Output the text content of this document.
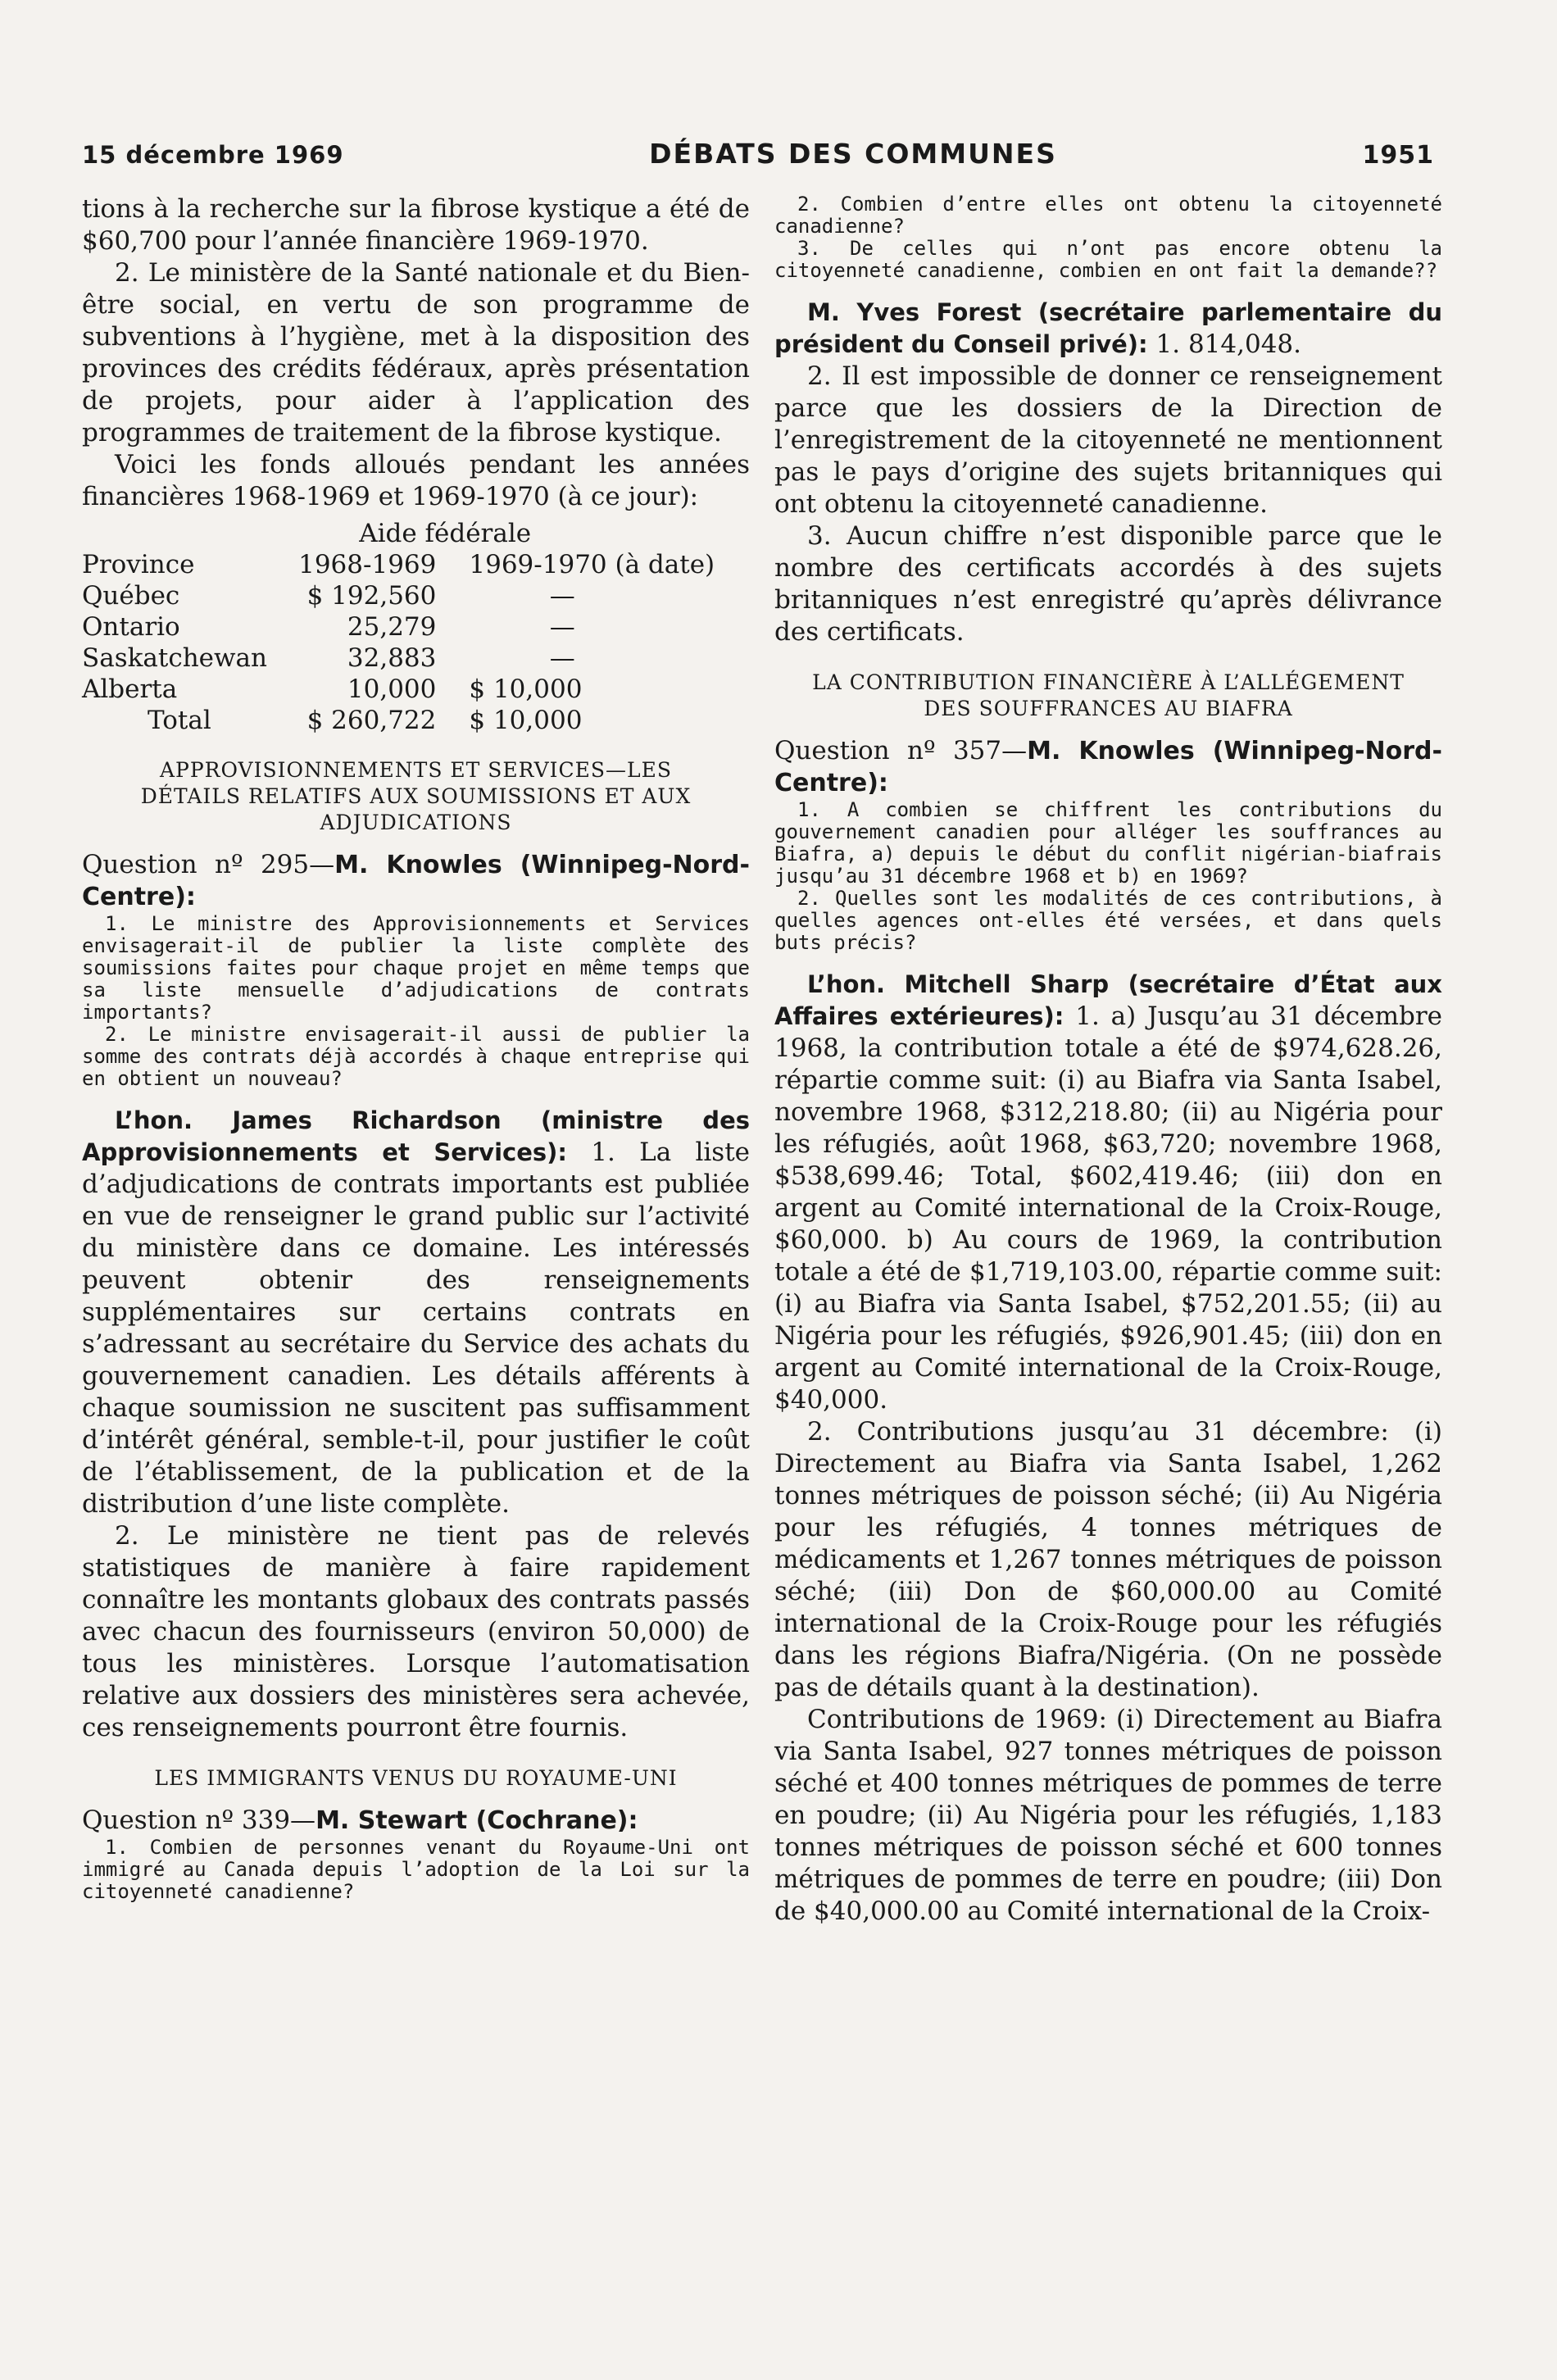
15 décembre 1969	DÉBATS DES COMMUNES	1951

tions à la recherche sur la fibrose kystique a été de $60,700 pour l’année financière 1969-1970.

2. Le ministère de la Santé nationale et du Bien-être social, en vertu de son programme de subventions à l’hygiène, met à la disposition des provinces des crédits fédéraux, après présentation de projets, pour aider à l’application des programmes de traitement de la fibrose kystique.

Voici les fonds alloués pendant les années financières 1968-1969 et 1969-1970 (à ce jour):

	Aide fédérale	
Province	1968-1969	1969-1970 (à date)
Québec	$ 192,560	—
Ontario	25,279	—
Saskatchewan	32,883	—
Alberta	10,000	$ 10,000
Total	$ 260,722	$ 10,000
APPROVISIONNEMENTS ET SERVICES—LES DÉTAILS RELATIFS AUX SOUMISSIONS ET AUX ADJUDICATIONS

Question nº 295—M. Knowles (Winnipeg-Nord-Centre):

1. Le ministre des Approvisionnements et Services envisagerait-il de publier la liste complète des soumissions faites pour chaque projet en même temps que sa liste mensuelle d’adjudications de contrats importants?

2. Le ministre envisagerait-il aussi de publier la somme des contrats déjà accordés à chaque entreprise qui en obtient un nouveau?

L’hon. James Richardson (ministre des Approvisionnements et Services): 1. La liste d’adjudications de contrats importants est publiée en vue de renseigner le grand public sur l’activité du ministère dans ce domaine. Les intéressés peuvent obtenir des renseignements supplémentaires sur certains contrats en s’adressant au secrétaire du Service des achats du gouvernement canadien. Les détails afférents à chaque soumission ne suscitent pas suffisamment d’intérêt général, semble-t-il, pour justifier le coût de l’établissement, de la publication et de la distribution d’une liste complète.

2. Le ministère ne tient pas de relevés statistiques de manière à faire rapidement connaître les montants globaux des contrats passés avec chacun des fournisseurs (environ 50,000) de tous les ministères. Lorsque l’automatisation relative aux dossiers des ministères sera achevée, ces renseignements pourront être fournis.

LES IMMIGRANTS VENUS DU ROYAUME-UNI

Question nº 339—M. Stewart (Cochrane):

1. Combien de personnes venant du Royaume-Uni ont immigré au Canada depuis l’adoption de la Loi sur la citoyenneté canadienne?

2. Combien d’entre elles ont obtenu la citoyenneté canadienne?

3. De celles qui n’ont pas encore obtenu la citoyenneté canadienne, combien en ont fait la demande??

M. Yves Forest (secrétaire parlementaire du président du Conseil privé): 1. 814,048.

2. Il est impossible de donner ce renseignement parce que les dossiers de la Direction de l’enregistrement de la citoyenneté ne mentionnent pas le pays d’origine des sujets britanniques qui ont obtenu la citoyenneté canadienne.

3. Aucun chiffre n’est disponible parce que le nombre des certificats accordés à des sujets britanniques n’est enregistré qu’après délivrance des certificats.

LA CONTRIBUTION FINANCIÈRE À L’ALLÉGEMENT DES SOUFFRANCES AU BIAFRA

Question nº 357—M. Knowles (Winnipeg-Nord-Centre):

1. A combien se chiffrent les contributions du gouvernement canadien pour alléger les souffrances au Biafra, a) depuis le début du conflit nigérian-biafrais jusqu’au 31 décembre 1968 et b) en 1969?

2. Quelles sont les modalités de ces contributions, à quelles agences ont-elles été versées, et dans quels buts précis?

L’hon. Mitchell Sharp (secrétaire d’État aux Affaires extérieures): 1. a) Jusqu’au 31 décembre 1968, la contribution totale a été de $974,628.26, répartie comme suit: (i) au Biafra via Santa Isabel, novembre 1968, $312,218.80; (ii) au Nigéria pour les réfugiés, août 1968, $63,720; novembre 1968, $538,699.46; Total, $602,419.46; (iii) don en argent au Comité international de la Croix-Rouge, $60,000. b) Au cours de 1969, la contribution totale a été de $1,719,103.00, répartie comme suit: (i) au Biafra via Santa Isabel, $752,201.55; (ii) au Nigéria pour les réfugiés, $926,901.45; (iii) don en argent au Comité international de la Croix-Rouge, $40,000.

2. Contributions jusqu’au 31 décembre: (i) Directement au Biafra via Santa Isabel, 1,262 tonnes métriques de poisson séché; (ii) Au Nigéria pour les réfugiés, 4 tonnes métriques de médicaments et 1,267 tonnes métriques de poisson séché; (iii) Don de $60,000.00 au Comité international de la Croix-Rouge pour les réfugiés dans les régions Biafra/Nigéria. (On ne possède pas de détails quant à la destination).

Contributions de 1969: (i) Directement au Biafra via Santa Isabel, 927 tonnes métriques de poisson séché et 400 tonnes métriques de pommes de terre en poudre; (ii) Au Nigéria pour les réfugiés, 1,183 tonnes métriques de poisson séché et 600 tonnes métriques de pommes de terre en poudre; (iii) Don de $40,000.00 au Comité international de la Croix-
